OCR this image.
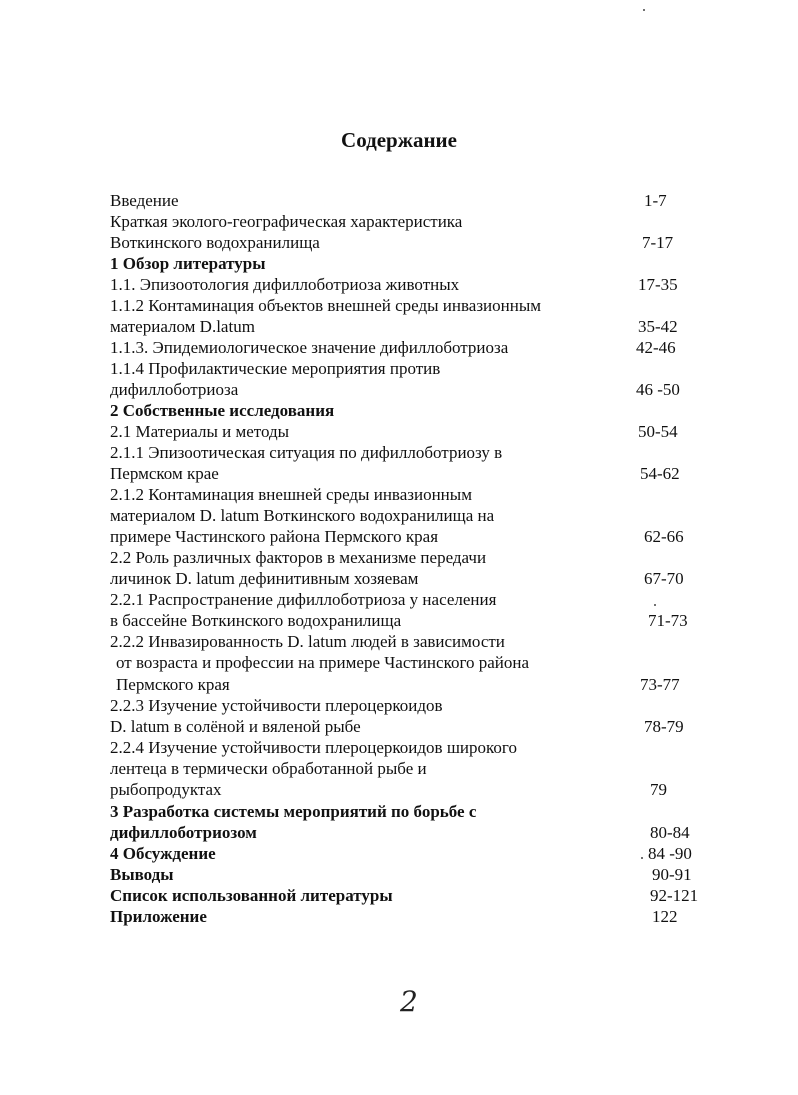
Содержание
Введение	1-7
Краткая эколого-географическая характеристика
Воткинского водохранилища	7-17
1 Обзор литературы
1.1. Эпизоотология дифиллоботриоза животных	17-35
1.1.2 Контаминация объектов внешней среды инвазионным
материалом D.latum	35-42
1.1.3. Эпидемиологическое значение дифиллоботриоза	42-46
1.1.4 Профилактические мероприятия против
дифиллоботриоза	46 -50
2 Собственные исследования
2.1 Материалы и методы	50-54
2.1.1 Эпизоотическая ситуация по дифиллоботриозу в
Пермском крае	54-62
2.1.2 Контаминация внешней среды инвазионным
материалом D. latum Воткинского водохранилища на
примере Частинского района Пермского края	62-66
2.2 Роль различных факторов в механизме передачи
личинок D. latum дефинитивным хозяевам	67-70
2.2.1 Распространение дифиллоботриоза у населения
в бассейне Воткинского водохранилища	71-73
2.2.2 Инвазированность D. latum людей в зависимости
от возраста и профессии на примере Частинского района
Пермского края	73-77
2.2.3 Изучение устойчивости плероцеркоидов
D. latum в солёной и вяленой рыбе	78-79
2.2.4 Изучение устойчивости плероцеркоидов широкого
лентеца в термически обработанной рыбе и
рыбопродуктах	79
3 Разработка системы мероприятий по борьбе с
дифиллоботриозом	80-84
4 Обсуждение	84 -90
Выводы	90-91
Список использованной литературы	92-121
Приложение	122
2
